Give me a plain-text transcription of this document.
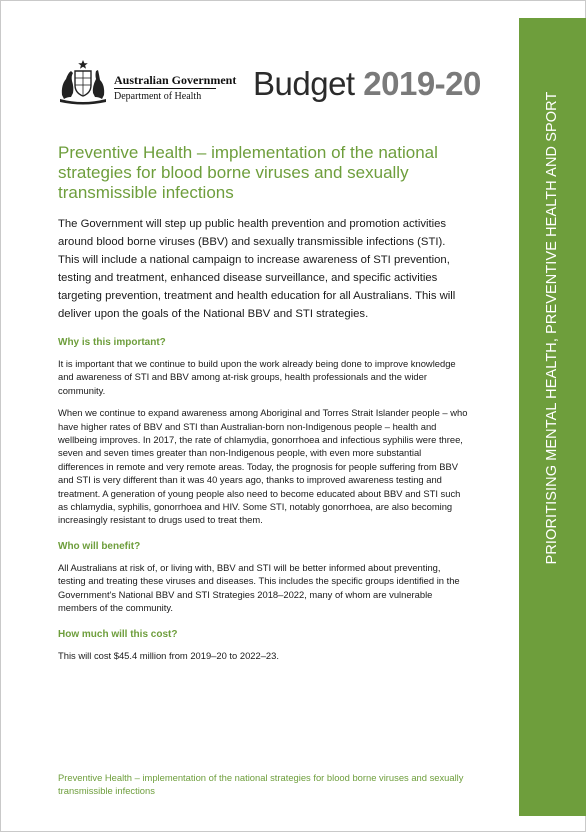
Australian Government
Department of Health Budget 2019-20
PRIORITISING MENTAL HEALTH, PREVENTIVE HEALTH AND SPORT
Preventive Health – implementation of the national strategies for blood borne viruses and sexually transmissible infections

The Government will step up public health prevention and promotion activities around blood borne viruses (BBV) and sexually transmissible infections (STI). This will include a national campaign to increase awareness of STI prevention, testing and treatment, enhanced disease surveillance, and specific activities targeting prevention, treatment and health education for all Australians. This will deliver upon the goals of the National BBV and STI strategies.

Why is this important?

It is important that we continue to build upon the work already being done to improve knowledge and awareness of STI and BBV among at-risk groups, health professionals and the wider community.

When we continue to expand awareness among Aboriginal and Torres Strait Islander people – who have higher rates of BBV and STI than Australian-born non-Indigenous people – health and wellbeing improves. In 2017, the rate of chlamydia, gonorrhoea and infectious syphilis were three, seven and seven times greater than non-Indigenous people, with even more substantial differences in remote and very remote areas. Today, the prognosis for people suffering from BBV and STI is very different than it was 40 years ago, thanks to improved awareness testing and treatment. A generation of young people also need to become educated about BBV and STI such as chlamydia, syphilis, gonorrhoea and HIV. Some STI, notably gonorrhoea, are also becoming increasingly resistant to drugs used to treat them.

Who will benefit?

All Australians at risk of, or living with, BBV and STI will be better informed about preventing, testing and treating these viruses and diseases. This includes the specific groups identified in the Government's National BBV and STI Strategies 2018–2022, many of whom are vulnerable members of the community.

How much will this cost?

This will cost $45.4 million from 2019–20 to 2022–23.

Preventive Health – implementation of the national strategies for blood borne viruses and sexually transmissible infections
